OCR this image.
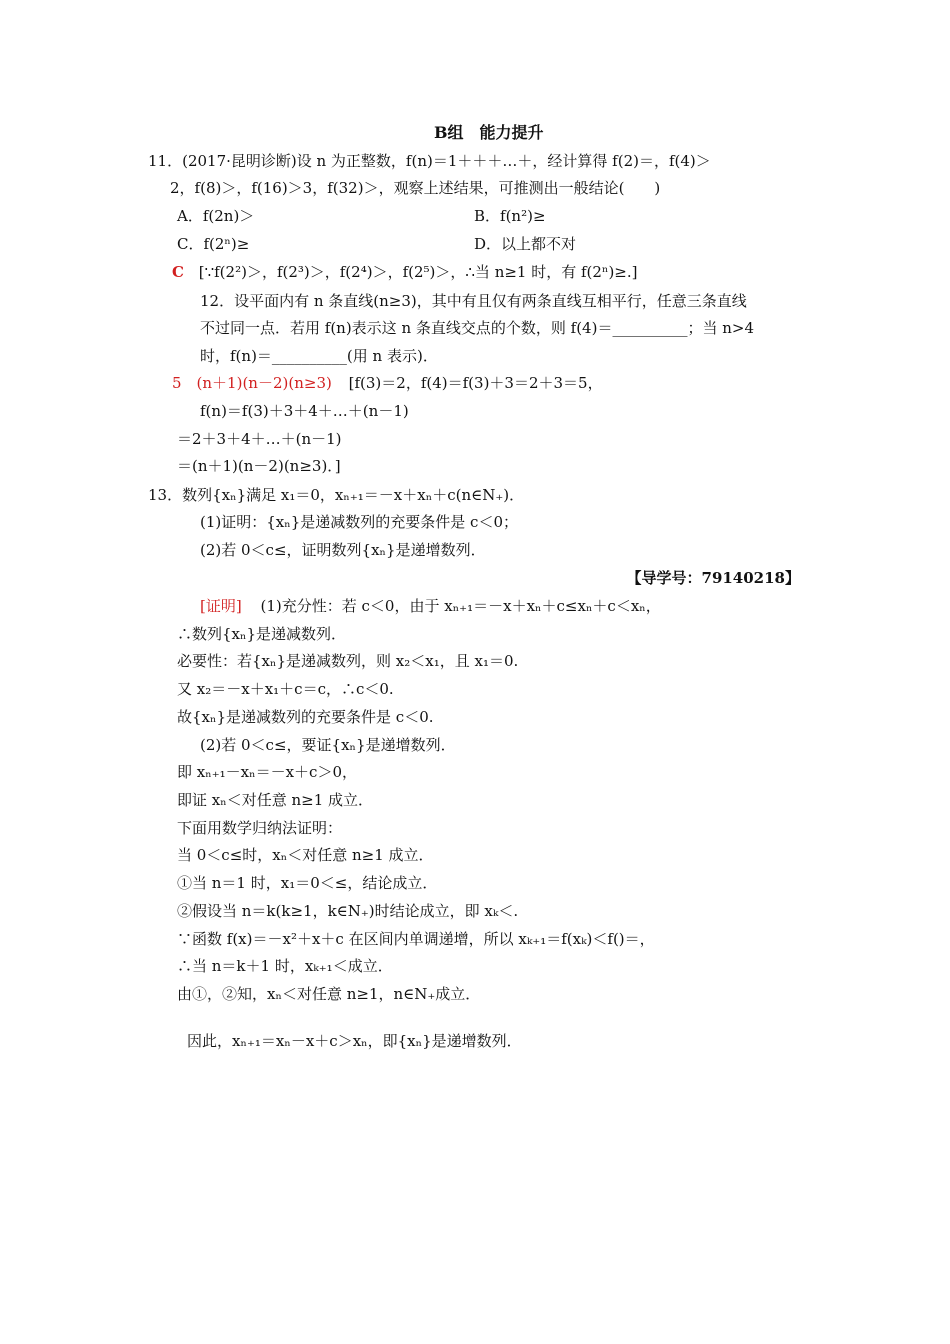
B组　能力提升
11．(2017·昆明诊断)设 n 为正整数，f(n)＝1＋＋＋…＋，经计算得 f(2)＝，f(4)＞
2，f(8)＞，f(16)＞3，f(32)＞，观察上述结果，可推测出一般结论(　　)
A．f(2n)＞	B．f(n²)≥
C．f(2ⁿ)≥	D．以上都不对
C [∵f(2²)＞，f(2³)＞，f(2⁴)＞，f(2⁵)＞，∴当 n≥1 时，有 f(2ⁿ)≥.]
12．设平面内有 n 条直线(n≥3)，其中有且仅有两条直线互相平行，任意三条直线
不过同一点．若用 f(n)表示这 n 条直线交点的个数，则 f(4)＝__________；当 n>4
时，f(n)＝__________(用 n 表示)．
5　(n＋1)(n－2)(n≥3) [f(3)＝2，f(4)＝f(3)＋3＝2＋3＝5，
f(n)＝f(3)＋3＋4＋…＋(n－1)
＝2＋3＋4＋…＋(n－1)
＝(n＋1)(n－2)(n≥3)．]
13．数列{xₙ}满足 x₁＝0，xₙ₊₁＝－x＋xₙ＋c(n∈N₊)．
(1)证明：{xₙ}是递减数列的充要条件是 c＜0；
(2)若 0＜c≤，证明数列{xₙ}是递增数列．
【导学号：79140218】
[证明] (1)充分性：若 c＜0，由于 xₙ₊₁＝－x＋xₙ＋c≤xₙ＋c＜xₙ，
∴数列{xₙ}是递减数列．
必要性：若{xₙ}是递减数列，则 x₂＜x₁，且 x₁＝0.
又 x₂＝－x＋x₁＋c＝c，∴c＜0.
故{xₙ}是递减数列的充要条件是 c＜0.
(2)若 0＜c≤，要证{xₙ}是递增数列．
即 xₙ₊₁－xₙ＝－x＋c＞0，
即证 xₙ＜对任意 n≥1 成立．
下面用数学归纳法证明：
当 0＜c≤时，xₙ＜对任意 n≥1 成立．
①当 n＝1 时，x₁＝0＜≤，结论成立．
②假设当 n＝k(k≥1，k∈N₊)时结论成立，即 xₖ＜.
∵函数 f(x)＝－x²＋x＋c 在区间内单调递增，所以 xₖ₊₁＝f(xₖ)＜f()＝，
∴当 n＝k＋1 时，xₖ₊₁＜成立．
由①，②知，xₙ＜对任意 n≥1，n∈N₊成立．
因此，xₙ₊₁＝xₙ－x＋c＞xₙ，即{xₙ}是递增数列．
